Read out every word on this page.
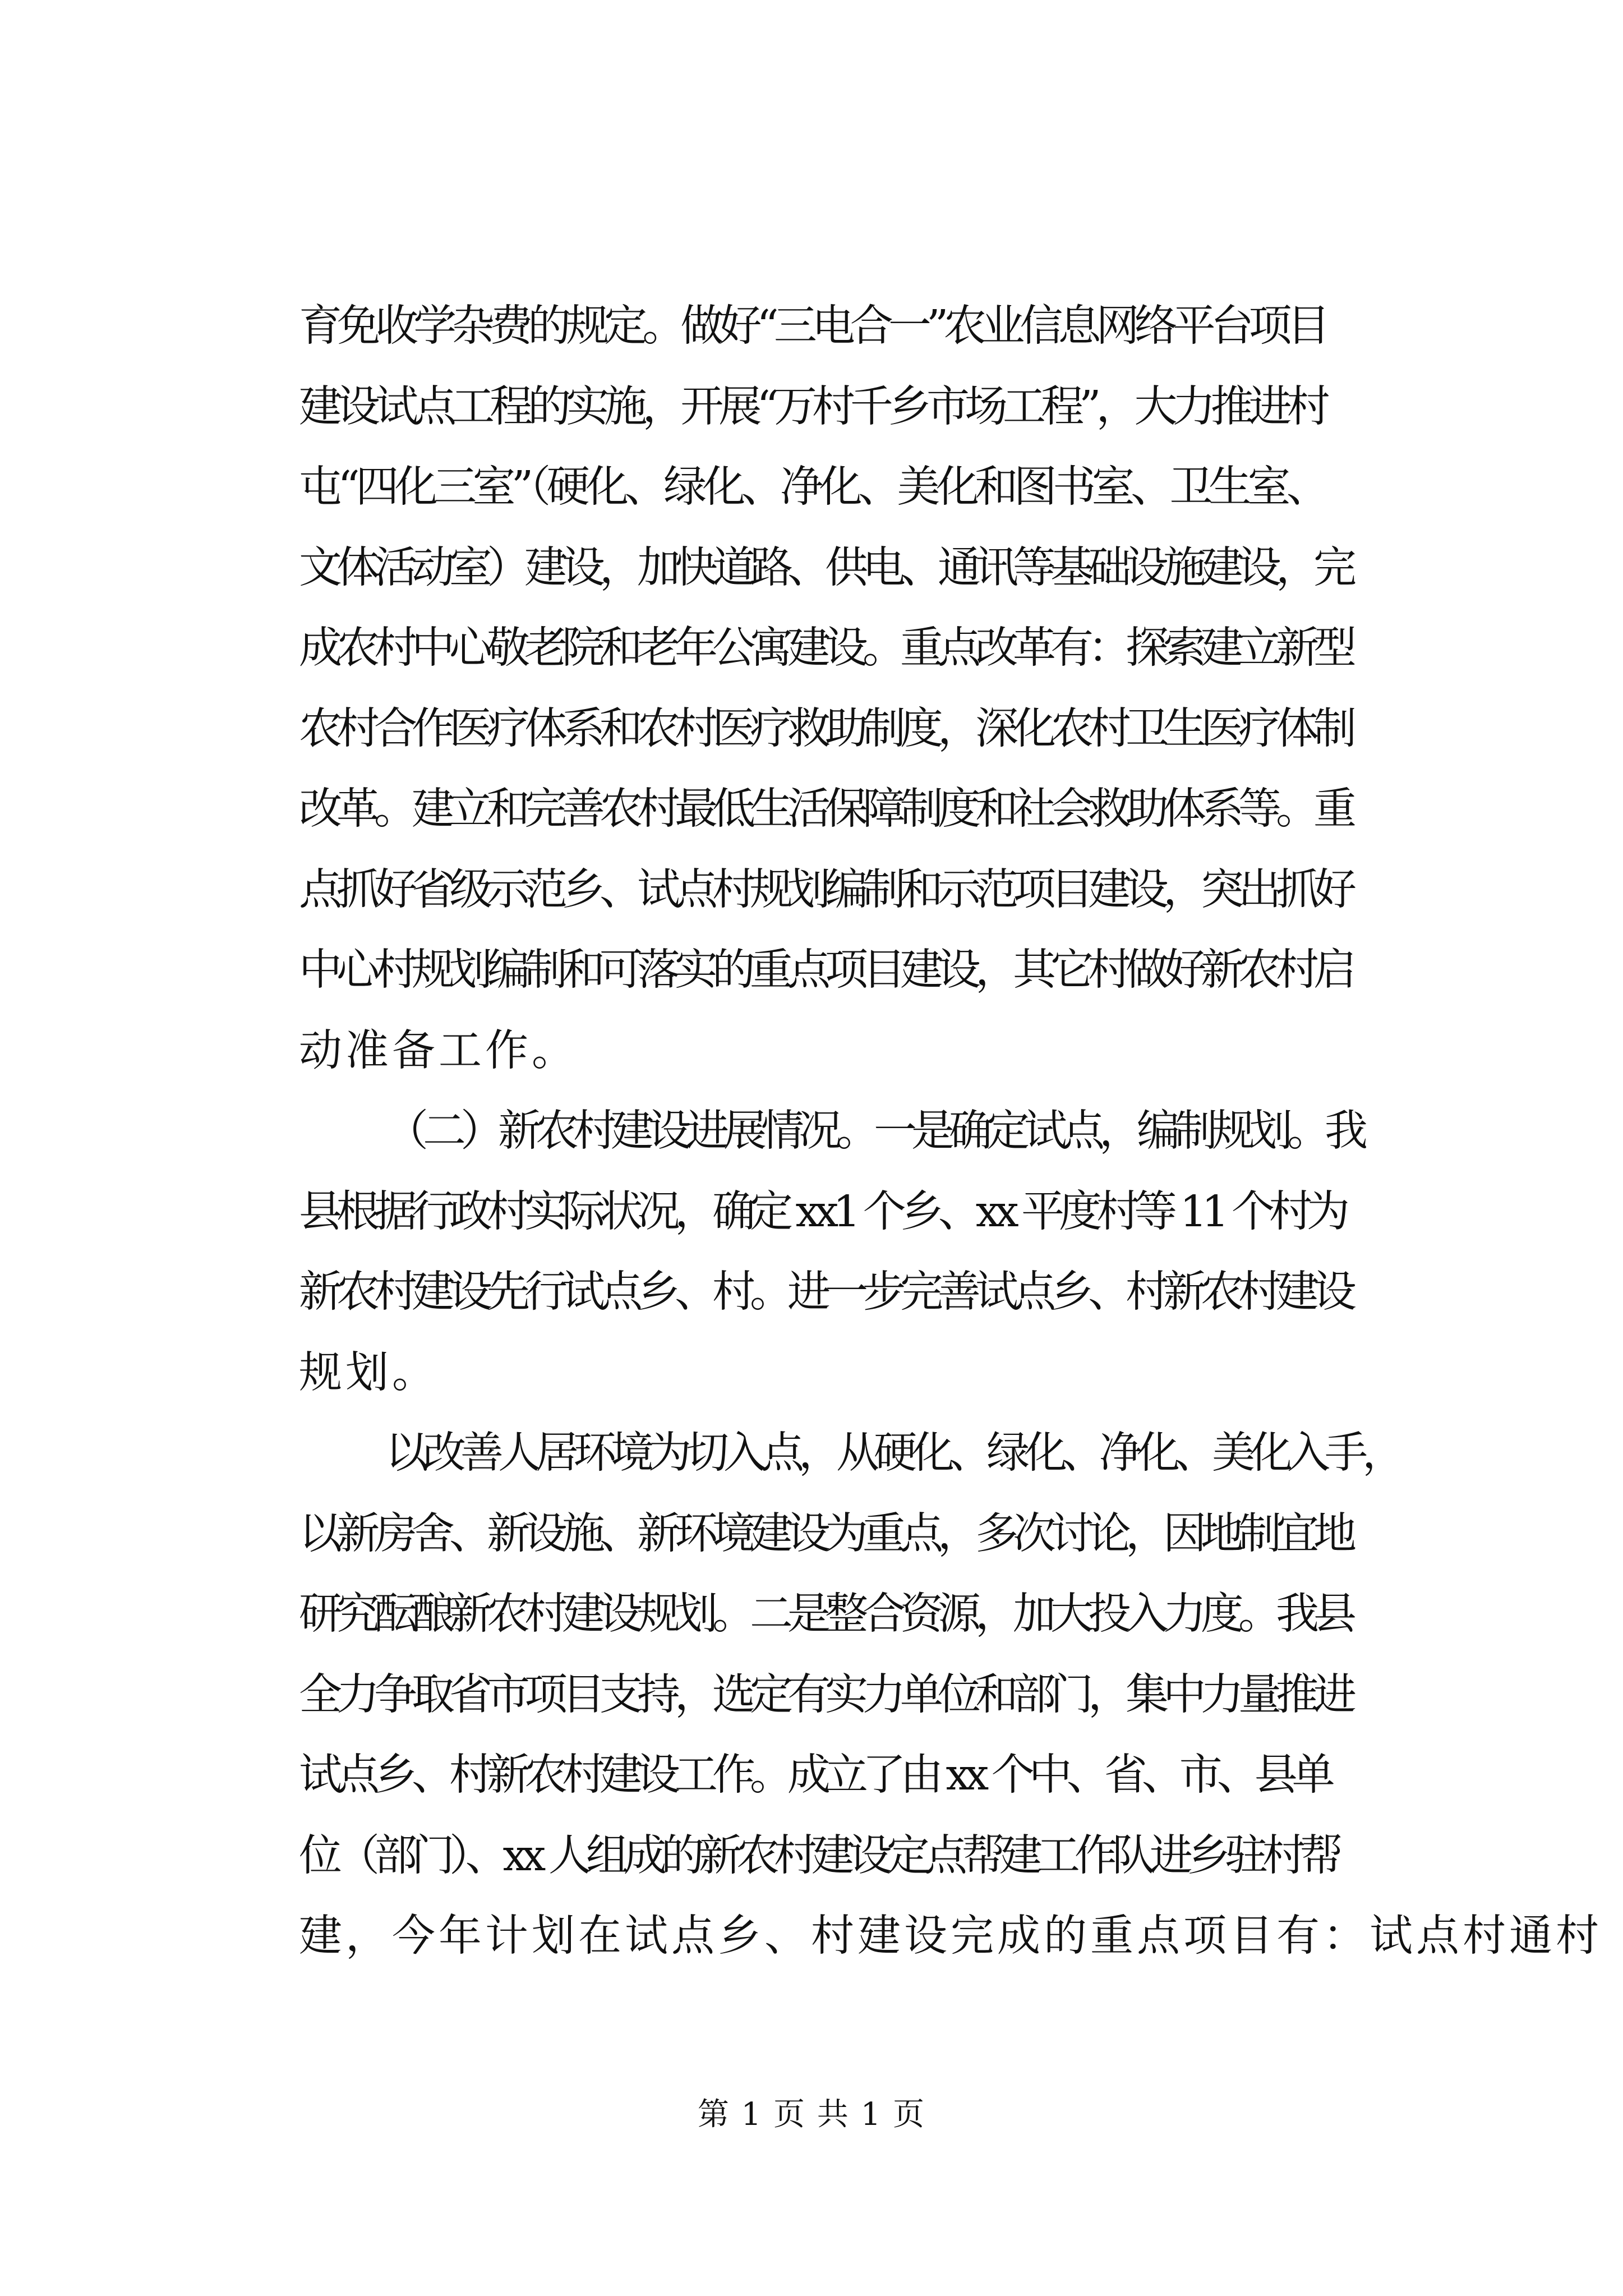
育免收学杂费的规定。做好“三电合一”农业信息网络平台项目
建设试点工程的实施，开展“万村千乡市场工程”，大力推进村
屯“四化三室”（硬化、绿化、净化、美化和图书室、卫生室、
文体活动室）建设，加快道路、供电、通讯等基础设施建设，完
成农村中心敬老院和老年公寓建设。重点改革有：探索建立新型
农村合作医疗体系和农村医疗救助制度，深化农村卫生医疗体制
改革。建立和完善农村最低生活保障制度和社会救助体系等。重
点抓好省级示范乡、试点村规划编制和示范项目建设，突出抓好
中心村规划编制和可落实的重点项目建设，其它村做好新农村启
动准备工作。

（二）新农村建设进展情况。一是确定试点，编制规划。我
县根据行政村实际状况，确定 xx1 个乡、xx 平度村等 11 个村为
新农村建设先行试点乡、村。进一步完善试点乡、村新农村建设
规划。

以改善人居环境为切入点，从硬化、绿化、净化、美化入手，
以新房舍、新设施、新环境建设为重点，多次讨论，因地制宜地
研究酝酿新农村建设规划。二是整合资源，加大投入力度。我县
全力争取省市项目支持，选定有实力单位和部门，集中力量推进
试点乡、村新农村建设工作。成立了由 xx 个中、省、市、县单
位（部门）、xx 人组成的新农村建设定点帮建工作队进乡驻村帮
建，今年计划在试点乡、村建设完成的重点项目有：试点村通村

第 1 页 共 1 页
